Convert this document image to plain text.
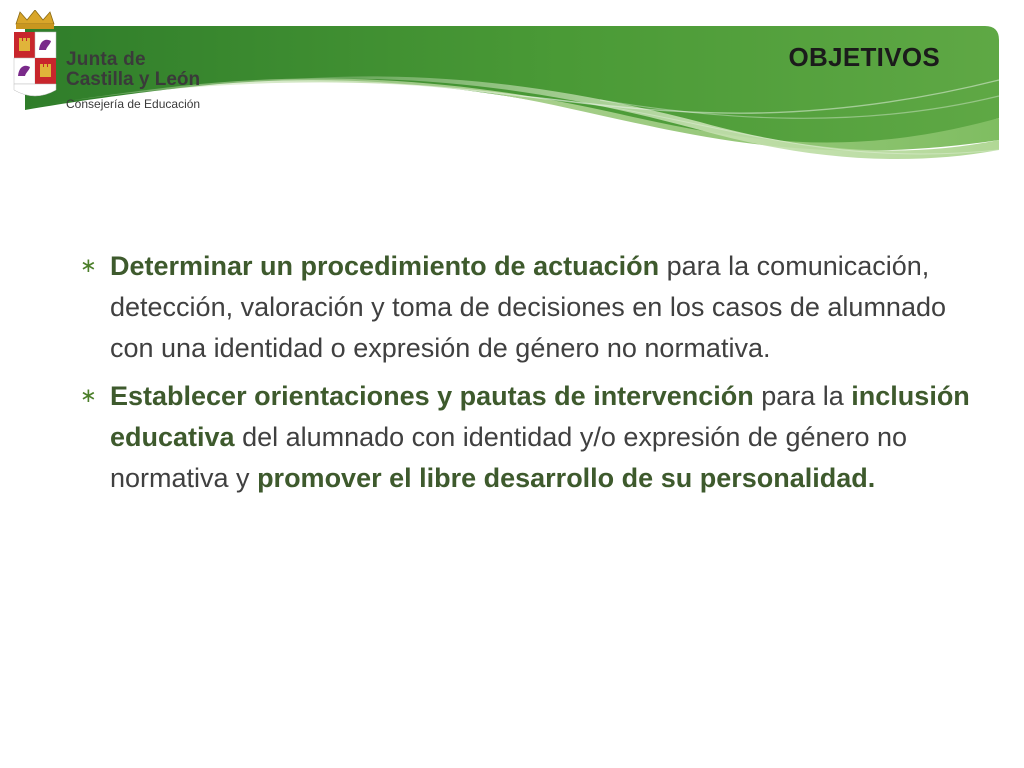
Junta de
Castilla y León
Consejería de Educación
OBJETIVOS
∗ Determinar un procedimiento de actuación para la comunicación, detección, valoración y toma de decisiones en los casos de alumnado con una identidad o expresión de género no normativa.
∗ Establecer orientaciones y pautas de intervención para la inclusión educativa del alumnado con identidad y/o expresión de género no normativa y promover el libre desarrollo de su personalidad.
